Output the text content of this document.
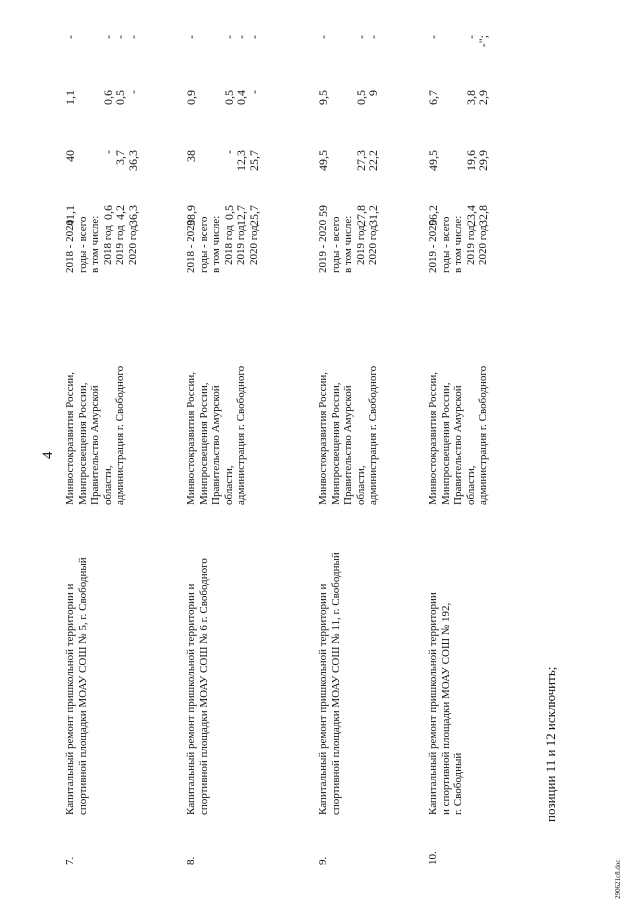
4
7.
Капитальный ремонт пришкольной территории и спортивной площадки МОАУ СОШ № 5, г. Свободный
Минвостокразвития России, Минпросвещения России, Правительство Амурской области, администрация г. Свободного
2018 - 2020 годы - всего в том числе: 2018 год 2019 год 2020 год
41,1 0,6
4,2
36,3
40 -
3,7
36,3
1,1 0,6
0,5
-
- -
-
-
8.
Капитальный ремонт пришкольной территории и спортивной площадки МОАУ СОШ № 6 г. Свободного
Минвостокразвития России, Минпросвещения России, Правительство Амурской области, администрация г. Свободного
2018 - 2020 годы - всего в том числе: 2018 год 2019 год 2020 год
38,9 0,5
12,7
25,7
38 -
12,3
25,7
0,9 0,5
0,4
-
- -
-
-
9.
Капитальный ремонт пришкольной территории и спортивной площадки МОАУ СОШ № 11, г. Свободный
Минвостокразвития России, Минпросвещения России, Правительство Амурской области, администрация г. Свободного
2019 - 2020 годы - всего в том числе: 2019 год 2020 год
59 27,8
31,2
49,5 27,3
22,2
9,5 0,5
9
- -
-
10.
Капитальный ремонт пришкольной территории и спортивной площадки МОАУ СОШ № 192, г. Свободный
Минвостокразвития России, Минпросвещения России, Правительство Амурской области, администрация г. Свободного
2019 - 2020 годы - всего в том числе: 2019 год 2020 год
56,2 23,4
32,8
49,5 19,6
29,9
6,7 3,8
2,9
- -
-";
позиции 11 и 12 исключить;
290621c8.doc
